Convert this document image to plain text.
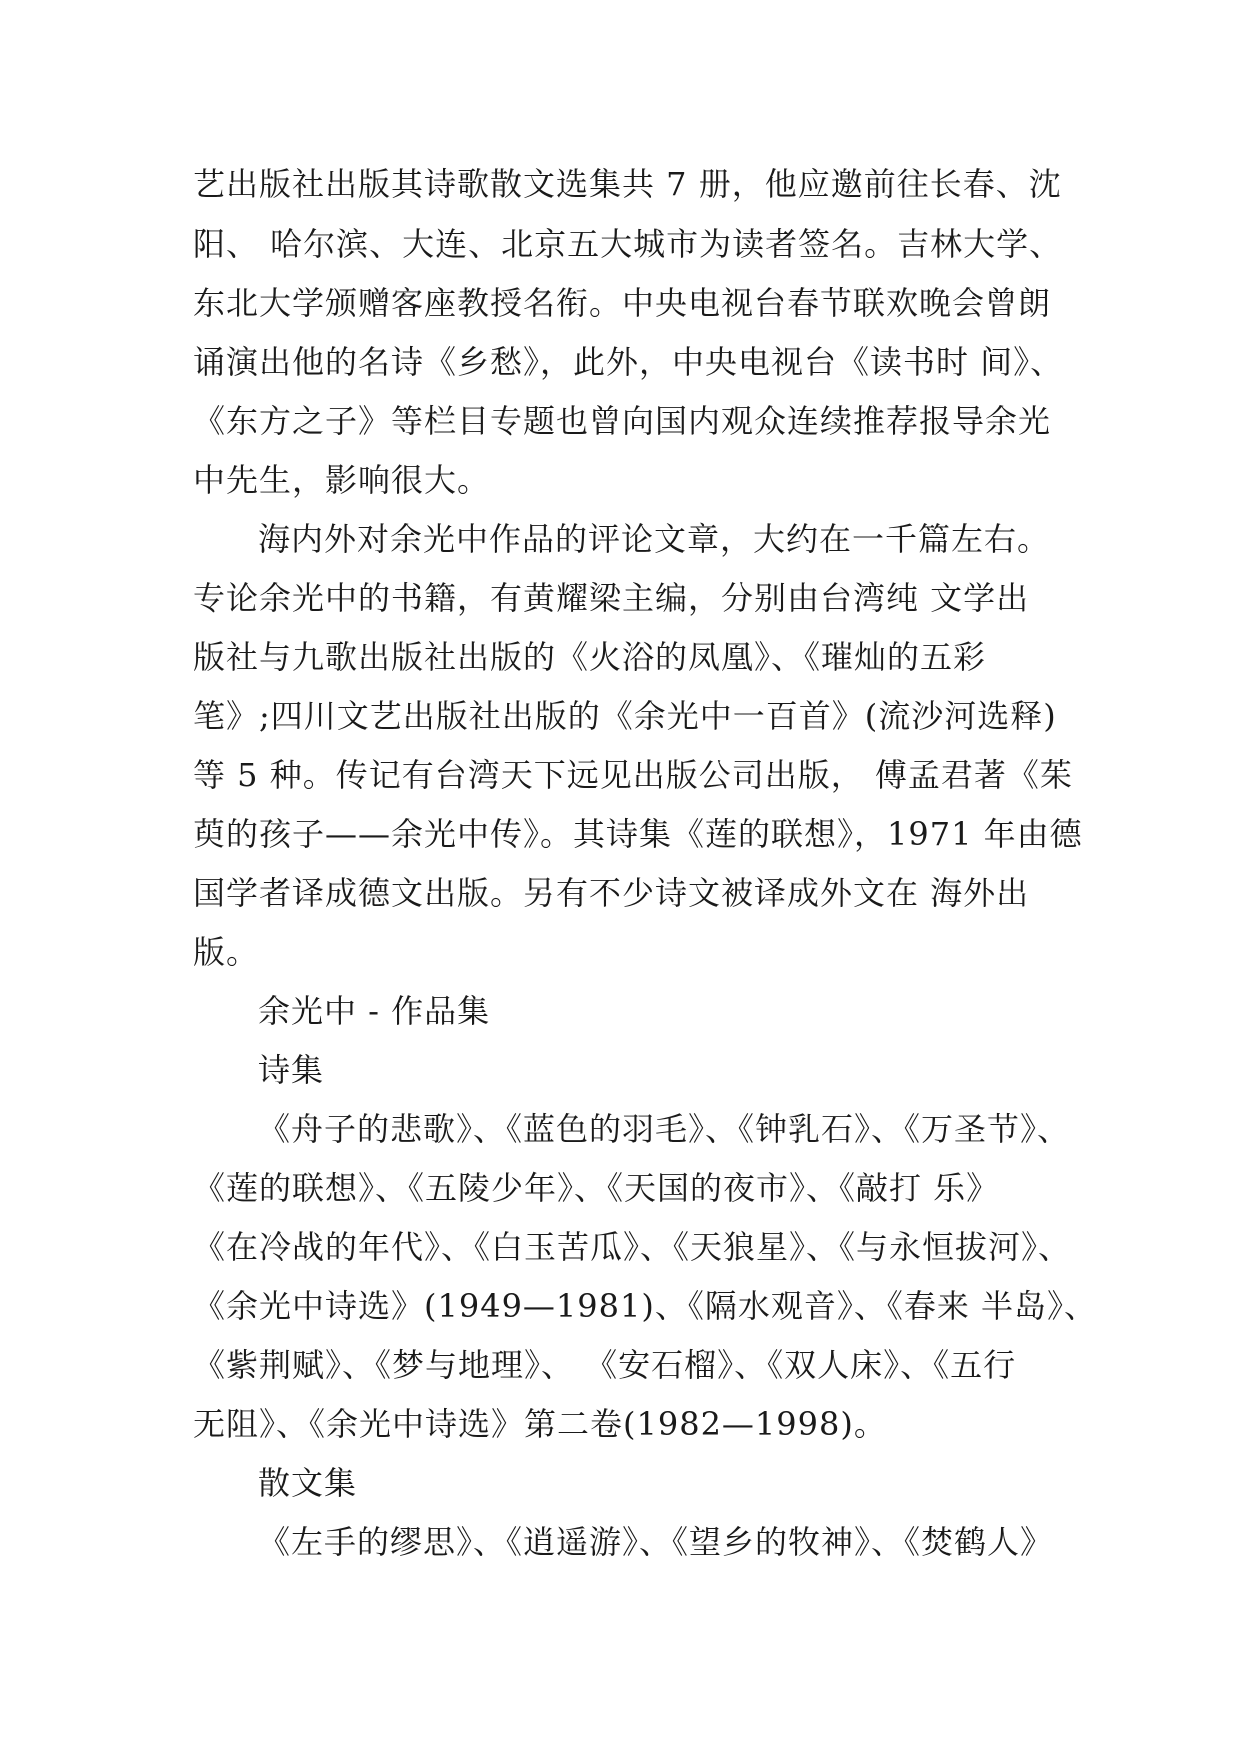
艺出版社出版其诗歌散文选集共 7 册，他应邀前往长春、沈
阳、 哈尔滨、大连、北京五大城市为读者签名。吉林大学、
东北大学颁赠客座教授名衔。中央电视台春节联欢晚会曾朗
诵演出他的名诗《乡愁》，此外，中央电视台《读书时 间》、
《东方之子》等栏目专题也曾向国内观众连续推荐报导余光
中先生，影响很大。
海内外对余光中作品的评论文章，大约在一千篇左右。
专论余光中的书籍，有黄耀梁主编，分别由台湾纯 文学出
版社与九歌出版社出版的《火浴的凤凰》、《璀灿的五彩
笔》;四川文艺出版社出版的《余光中一百首》(流沙河选释)
等 5 种。传记有台湾天下远见出版公司出版， 傅孟君著《茱
萸的孩子——余光中传》。其诗集《莲的联想》，1971 年由德
国学者译成德文出版。另有不少诗文被译成外文在 海外出
版。
余光中 - 作品集
诗集
《舟子的悲歌》、《蓝色的羽毛》、《钟乳石》、《万圣节》、
《莲的联想》、《五陵少年》、《天国的夜市》、《敲打 乐》
《在冷战的年代》、《白玉苦瓜》、《天狼星》、《与永恒拔河》、
《余光中诗选》(1949—1981)、《隔水观音》、《春来 半岛》、
《紫荆赋》、《梦与地理》、 《安石榴》、《双人床》、《五行
无阻》、《余光中诗选》第二卷(1982—1998)。
散文集
《左手的缪思》、《逍遥游》、《望乡的牧神》、《焚鹤人》
